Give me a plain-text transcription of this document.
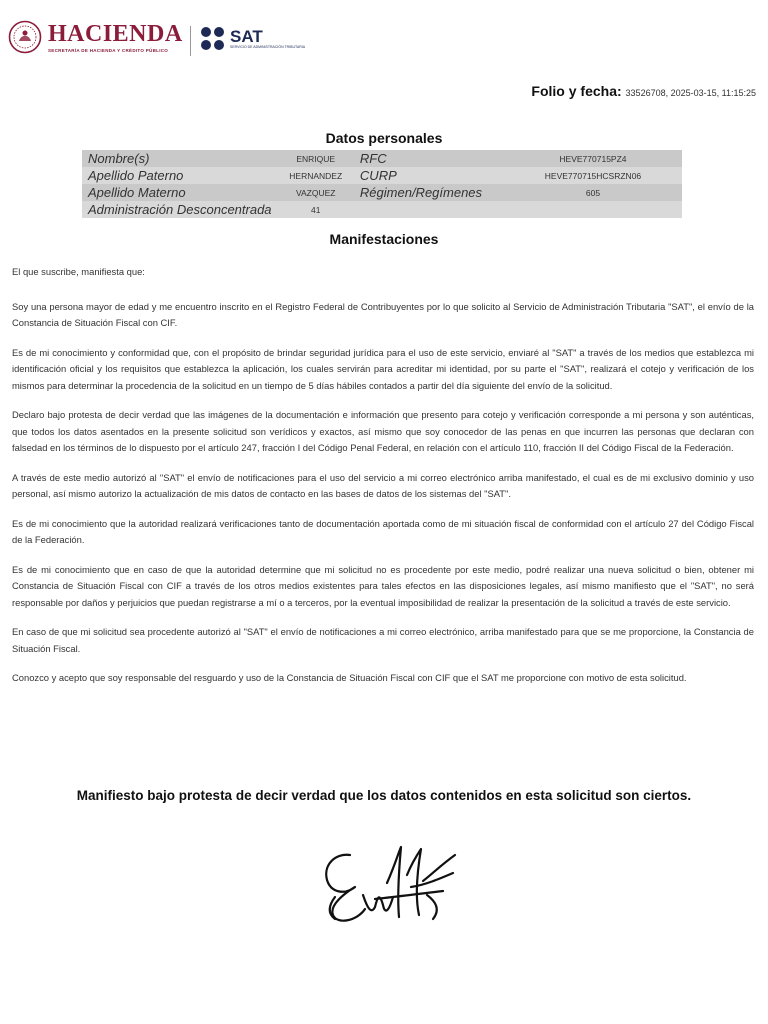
HACIENDA
SECRETARÍA DE HACIENDA Y CRÉDITO PÚBLICO
SAT
SERVICIO DE ADMINISTRACIÓN TRIBUTARIA
Folio y fecha: 33526708, 2025-03-15, 11:15:25
Datos personales
Nombre(s)	ENRIQUE	RFC	HEVE770715PZ4
Apellido Paterno	HERNANDEZ	CURP	HEVE770715HCSRZN06
Apellido Materno	VAZQUEZ	Régimen/Regímenes	605
Administración Desconcentrada	41		
Manifestaciones

El que suscribe, manifiesta que:

Soy una persona mayor de edad y me encuentro inscrito en el Registro Federal de Contribuyentes por lo que solicito al Servicio de Administración Tributaria "SAT", el envío de la Constancia de Situación Fiscal con CIF.

Es de mi conocimiento y conformidad que, con el propósito de brindar seguridad jurídica para el uso de este servicio, enviaré al "SAT" a través de los medios que establezca mi identificación oficial y los requisitos que establezca la aplicación, los cuales servirán para acreditar mi identidad, por su parte el "SAT", realizará el cotejo y verificación de los mismos para determinar la procedencia de la solicitud en un tiempo de 5 días hábiles contados a partir del día siguiente del envío de la solicitud.

Declaro bajo protesta de decir verdad que las imágenes de la documentación e información que presento para cotejo y verificación corresponde a mi persona y son auténticas, que todos los datos asentados en la presente solicitud son verídicos y exactos, así mismo que soy conocedor de las penas en que incurren las personas que declaran con falsedad en los términos de lo dispuesto por el artículo 247, fracción I del Código Penal Federal, en relación con el artículo 110, fracción II del Código Fiscal de la Federación.

A través de este medio autorizó al "SAT" el envío de notificaciones para el uso del servicio a mi correo electrónico arriba manifestado, el cual es de mi exclusivo dominio y uso personal, así mismo autorizo la actualización de mis datos de contacto en las bases de datos de los sistemas del "SAT".

Es de mi conocimiento que la autoridad realizará verificaciones tanto de documentación aportada como de mi situación fiscal de conformidad con el artículo 27 del Código Fiscal de la Federación.

Es de mi conocimiento que en caso de que la autoridad determine que mi solicitud no es procedente por este medio, podré realizar una nueva solicitud o bien, obtener mi Constancia de Situación Fiscal con CIF a través de los otros medios existentes para tales efectos en las disposiciones legales, así mismo manifiesto que el "SAT", no será responsable por daños y perjuicios que puedan registrarse a mí o a terceros, por la eventual imposibilidad de realizar la presentación de la solicitud a través de este servicio.

En caso de que mi solicitud sea procedente autorizó al "SAT" el envío de notificaciones a mi correo electrónico, arriba manifestado para que se me proporcione, la Constancia de Situación Fiscal.

Conozco y acepto que soy responsable del resguardo y uso de la Constancia de Situación Fiscal con CIF que el SAT me proporcione con motivo de esta solicitud.

Manifiesto bajo protesta de decir verdad que los datos contenidos en esta solicitud son ciertos.
